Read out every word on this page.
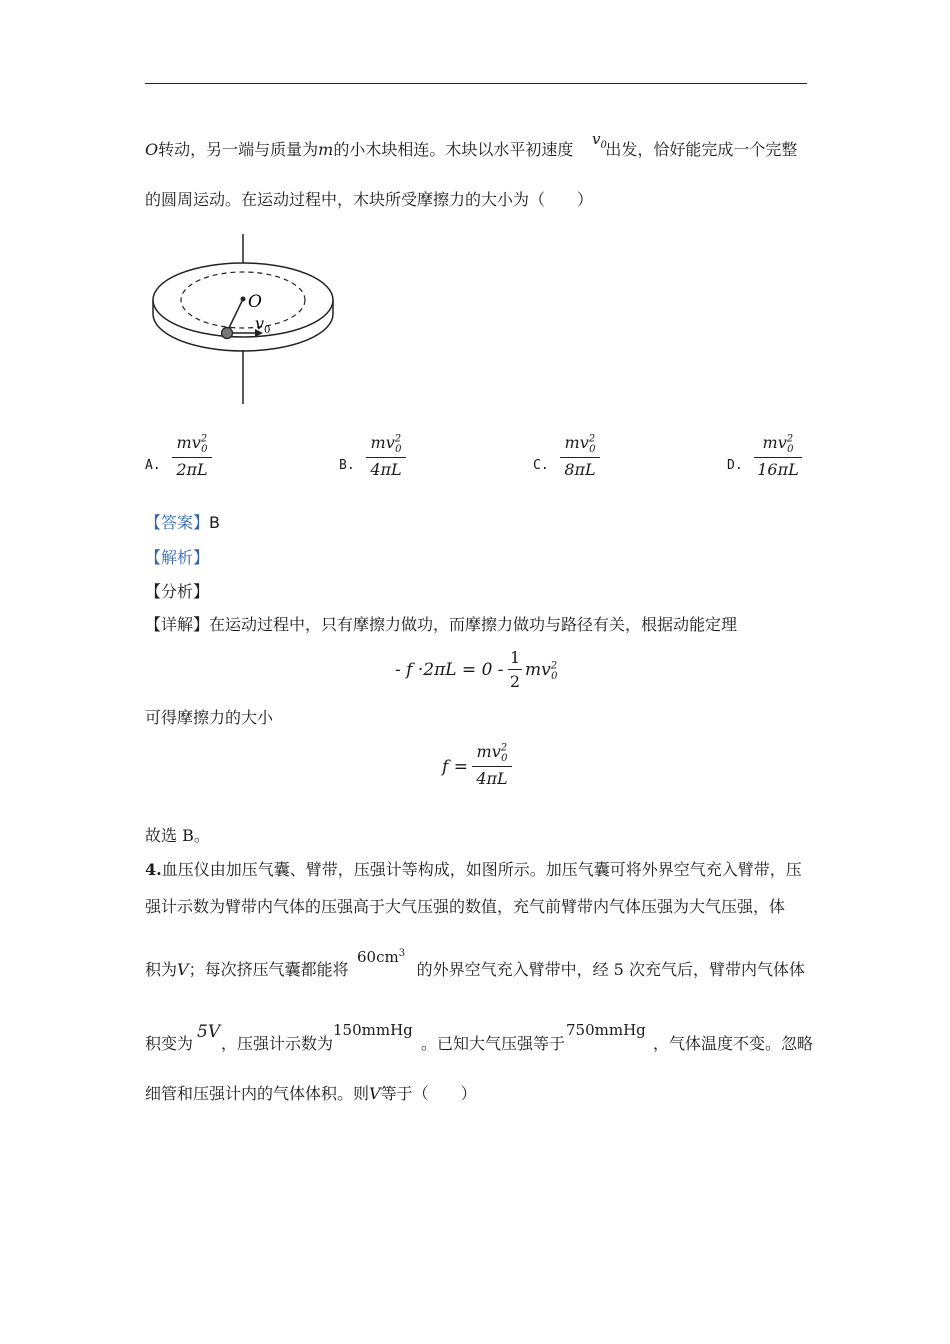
O转动，另一端与质量为m的小木块相连。木块以水平初速度 出发，恰好能完成一个完整
$v_0$
的圆周运动。在运动过程中，木块所受摩擦力的大小为（　　）
O
v 0
A.
$mv^2_0$
2πL	B.
$mv^2_0$
4πL	C.
$mv^2_0$
8πL	D.
$mv^2_0$
16πL
【答案】B
【解析】
【分析】
【详解】在运动过程中，只有摩擦力做功，而摩擦力做功与路径有关，根据动能定理
- f ·2πL = 0 -
1
2
$mv^2_0$
可得摩擦力的大小
f =
$mv^2_0$
4πL
故选 B。
4.血压仪由加压气囊、臂带，压强计等构成，如图所示。加压气囊可将外界空气充入臂带，压
强计示数为臂带内气体的压强高于大气压强的数值，充气前臂带内气体压强为大气压强，体
积为V；每次挤压气囊都能将	的外界空气充入臂带中，经 5 次充气后，臂带内气体体
$60cm^3$
积变为 ，压强计示数为	。已知大气压强等于	，气体温度不变。忽略
5V	150mmHg	750mmHg
细管和压强计内的气体体积。则V等于（　　）
